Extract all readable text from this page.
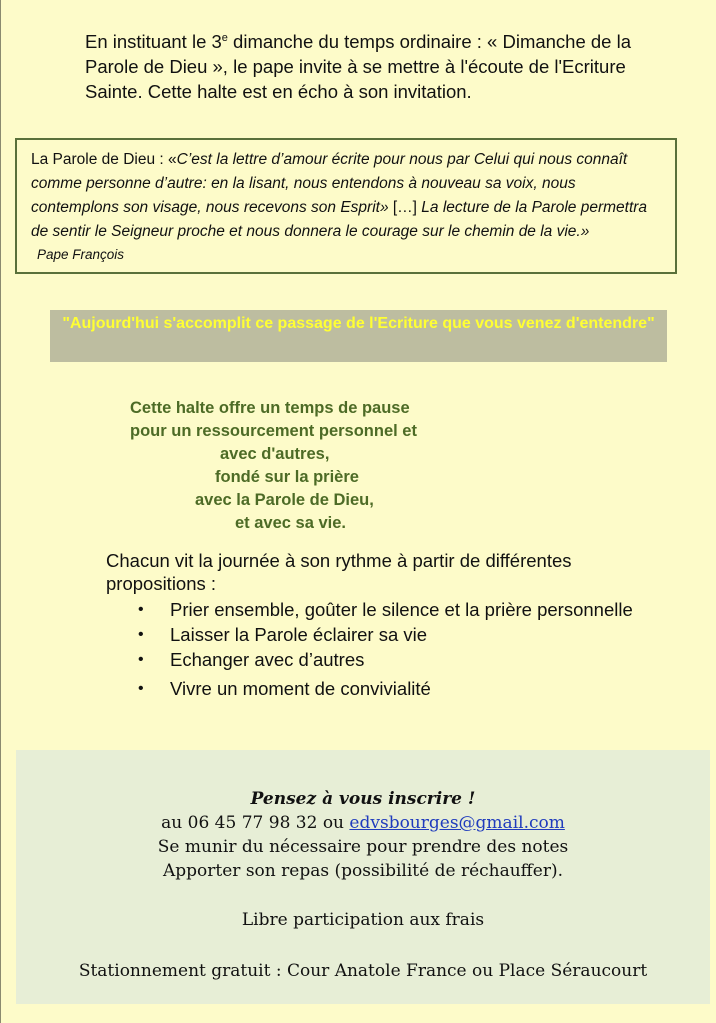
En instituant le 3e dimanche du temps ordinaire : « Dimanche de la Parole de Dieu », le pape invite à se mettre à l'écoute de l'Ecriture Sainte. Cette halte est en écho à son invitation.
La Parole de Dieu : «C’est la lettre d’amour écrite pour nous par Celui qui nous connaît comme personne d’autre: en la lisant, nous entendons à nouveau sa voix, nous contemplons son visage, nous recevons son Esprit» […] La lecture de la Parole permettra de sentir le Seigneur proche et nous donnera le courage sur le chemin de la vie.»
Pape François
"Aujourd'hui s'accomplit ce passage de l'Ecriture que vous venez d'entendre"
Cette halte offre un temps de pause
pour un ressourcement personnel et
avec d'autres,
fondé sur la prière
avec la Parole de Dieu,
et avec sa vie.
Chacun vit la journée à son rythme à partir de différentes propositions :
• Prier ensemble, goûter le silence et la prière personnelle
• Laisser la Parole éclairer sa vie
• Echanger avec d’autres
• Vivre un moment de convivialité
Pensez à vous inscrire !
au 06 45 77 98 32 ou edvsbourges@gmail.com
Se munir du nécessaire pour prendre des notes
Apporter son repas (possibilité de réchauffer).
Libre participation aux frais
Stationnement gratuit : Cour Anatole France ou Place Séraucourt
